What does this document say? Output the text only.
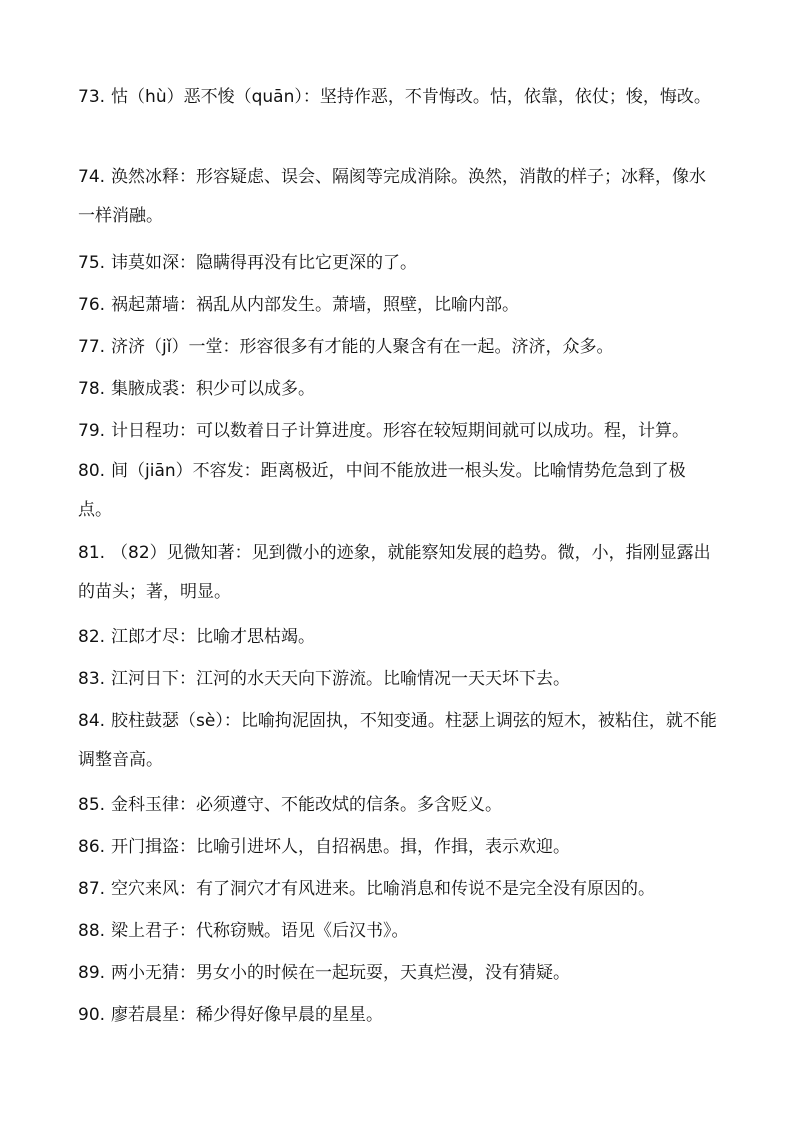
73. 怙（hù）恶不悛（quān）：坚持作恶，不肯悔改。怙，依靠，依仗；悛，悔改。
74. 涣然冰释：形容疑虑、误会、隔阂等完成消除。涣然，消散的样子；冰释，像水一样消融。
75. 讳莫如深：隐瞒得再没有比它更深的了。
76. 祸起萧墙：祸乱从内部发生。萧墙，照壁，比喻内部。
77. 济济（jǐ）一堂：形容很多有才能的人聚含有在一起。济济，众多。
78. 集腋成裘：积少可以成多。
79. 计日程功：可以数着日子计算进度。形容在较短期间就可以成功。程，计算。
80. 间（jiān）不容发：距离极近，中间不能放进一根头发。比喻情势危急到了极点。
81. （82）见微知著：见到微小的迹象，就能察知发展的趋势。微，小，指刚显露出的苗头；著，明显。
82. 江郎才尽：比喻才思枯竭。
83. 江河日下：江河的水天天向下游流。比喻情况一天天坏下去。
84. 胶柱鼓瑟（sè）：比喻拘泥固执，不知变通。柱瑟上调弦的短木，被粘住，就不能调整音高。
85. 金科玉律：必须遵守、不能改烒的信条。多含贬义。
86. 开门揖盗：比喻引进坏人，自招祸患。揖，作揖，表示欢迎。
87. 空穴来风：有了洞穴才有风进来。比喻消息和传说不是完全没有原因的。
88. 梁上君子：代称窃贼。语见《后汉书》。
89. 两小无猜：男女小的时候在一起玩耍，天真烂漫，没有猜疑。
90. 廖若晨星：稀少得好像早晨的星星。
